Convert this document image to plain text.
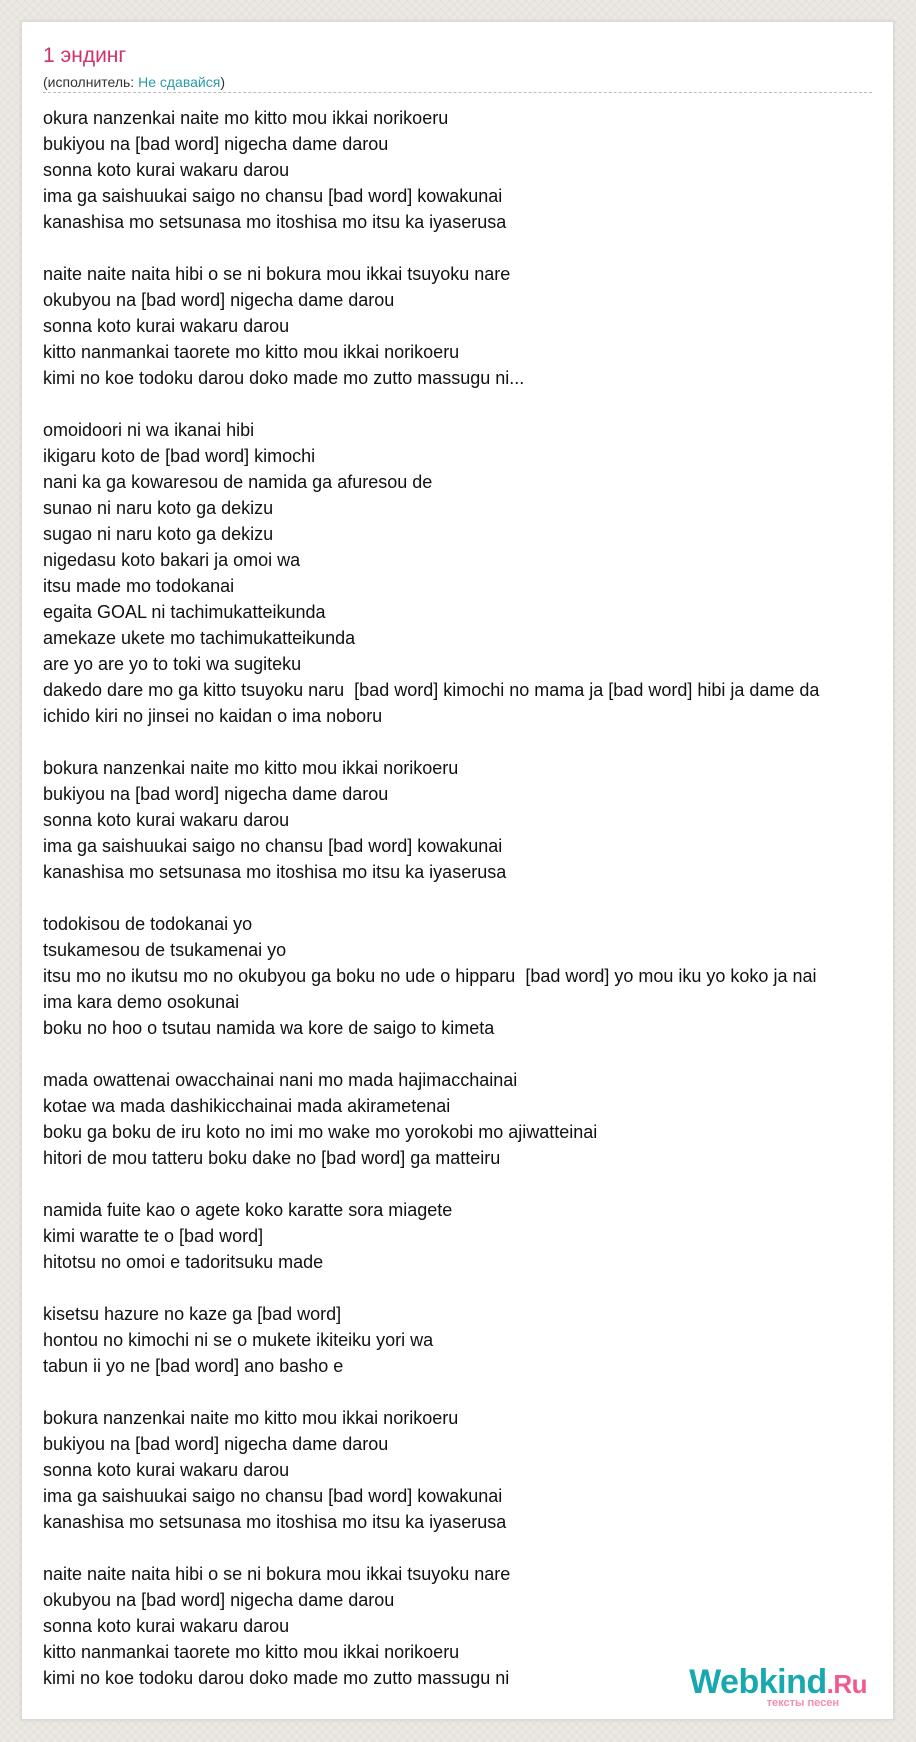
1 эндинг
(исполнитель: Не сдавайся)
okura nanzenkai naite mo kitto mou ikkai norikoeru
bukiyou na [bad word] nigecha dame darou
sonna koto kurai wakaru darou
ima ga saishuukai saigo no chansu [bad word] kowakunai
kanashisa mo setsunasa mo itoshisa mo itsu ka iyaserusa
naite naite naita hibi o se ni bokura mou ikkai tsuyoku nare
okubyou na [bad word] nigecha dame darou
sonna koto kurai wakaru darou
kitto nanmankai taorete mo kitto mou ikkai norikoeru
kimi no koe todoku darou doko made mo zutto massugu ni...
omoidoori ni wa ikanai hibi
ikigaru koto de [bad word] kimochi
nani ka ga kowaresou de namida ga afuresou de
sunao ni naru koto ga dekizu
sugao ni naru koto ga dekizu
nigedasu koto bakari ja omoi wa
itsu made mo todokanai
egaita GOAL ni tachimukatteikunda
amekaze ukete mo tachimukatteikunda
are yo are yo to toki wa sugiteku
dakedo dare mo ga kitto tsuyoku naru  [bad word] kimochi no mama ja [bad word] hibi ja dame da
ichido kiri no jinsei no kaidan o ima noboru
bokura nanzenkai naite mo kitto mou ikkai norikoeru
bukiyou na [bad word] nigecha dame darou
sonna koto kurai wakaru darou
ima ga saishuukai saigo no chansu [bad word] kowakunai
kanashisa mo setsunasa mo itoshisa mo itsu ka iyaserusa
todokisou de todokanai yo
tsukamesou de tsukamenai yo
itsu mo no ikutsu mo no okubyou ga boku no ude o hipparu  [bad word] yo mou iku yo koko ja nai
ima kara demo osokunai
boku no hoo o tsutau namida wa kore de saigo to kimeta
mada owattenai owacchainai nani mo mada hajimacchainai
kotae wa mada dashikicchainai mada akirametenai
boku ga boku de iru koto no imi mo wake mo yorokobi mo ajiwatteinai
hitori de mou tatteru boku dake no [bad word] ga matteiru
namida fuite kao o agete koko karatte sora miagete
kimi waratte te o [bad word]
hitotsu no omoi e tadoritsuku made
kisetsu hazure no kaze ga [bad word]
hontou no kimochi ni se o mukete ikiteiku yori wa
tabun ii yo ne [bad word] ano basho e
bokura nanzenkai naite mo kitto mou ikkai norikoeru
bukiyou na [bad word] nigecha dame darou
sonna koto kurai wakaru darou
ima ga saishuukai saigo no chansu [bad word] kowakunai
kanashisa mo setsunasa mo itoshisa mo itsu ka iyaserusa
naite naite naita hibi o se ni bokura mou ikkai tsuyoku nare
okubyou na [bad word] nigecha dame darou
sonna koto kurai wakaru darou
kitto nanmankai taorete mo kitto mou ikkai norikoeru
kimi no koe todoku darou doko made mo zutto massugu ni	Webkind.Ru
тексты песен
